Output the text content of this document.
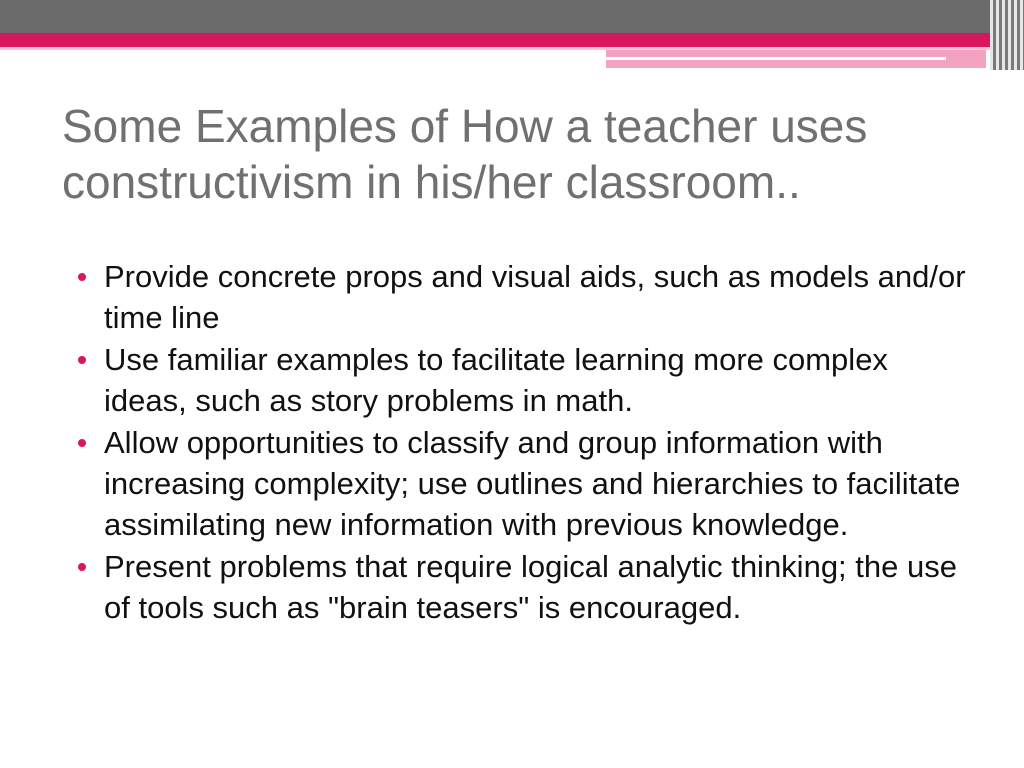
Some Examples of How a teacher uses constructivism in his/her classroom..
Provide concrete props and visual aids, such as models and/or time line
Use familiar examples to facilitate learning more complex ideas, such as story problems in math.
Allow opportunities to classify and group information with increasing complexity; use outlines and hierarchies to facilitate assimilating new information with previous knowledge.
Present problems that require logical analytic thinking; the use of tools such as "brain teasers" is encouraged.
